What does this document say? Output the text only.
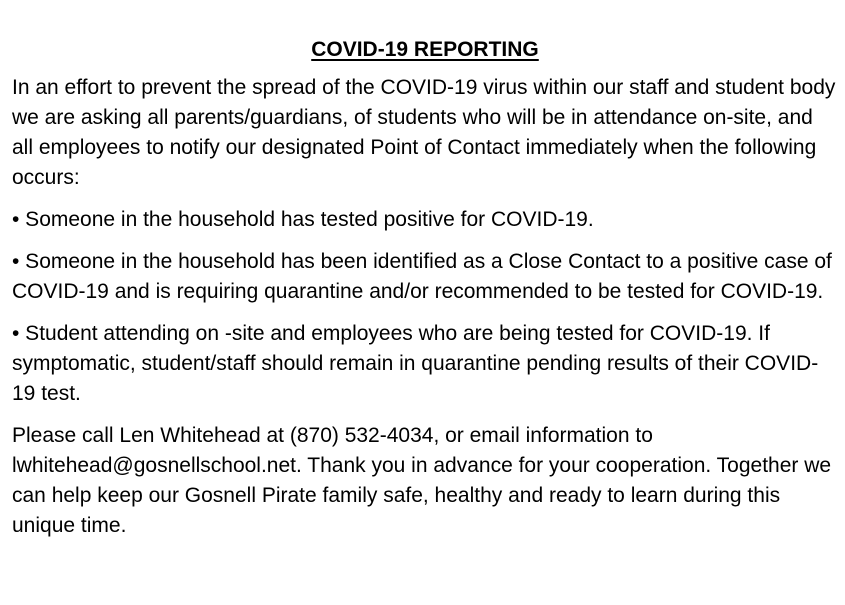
COVID-19 REPORTING
In an effort to prevent the spread of the COVID-19 virus within our staff and student body we are asking all parents/guardians, of students who will be in attendance on-site, and all employees to notify our designated Point of Contact immediately when the following occurs:
• Someone in the household has tested positive for COVID-19.
• Someone in the household has been identified as a Close Contact to a positive case of COVID-19 and is requiring quarantine and/or recommended to be tested for COVID-19.
• Student attending on -site and employees who are being tested for COVID-19. If symptomatic, student/staff should remain in quarantine pending results of their COVID-19 test.
Please call Len Whitehead at (870) 532-4034, or email information to lwhitehead@gosnellschool.net. Thank you in advance for your cooperation. Together we can help keep our Gosnell Pirate family safe, healthy and ready to learn during this unique time.
